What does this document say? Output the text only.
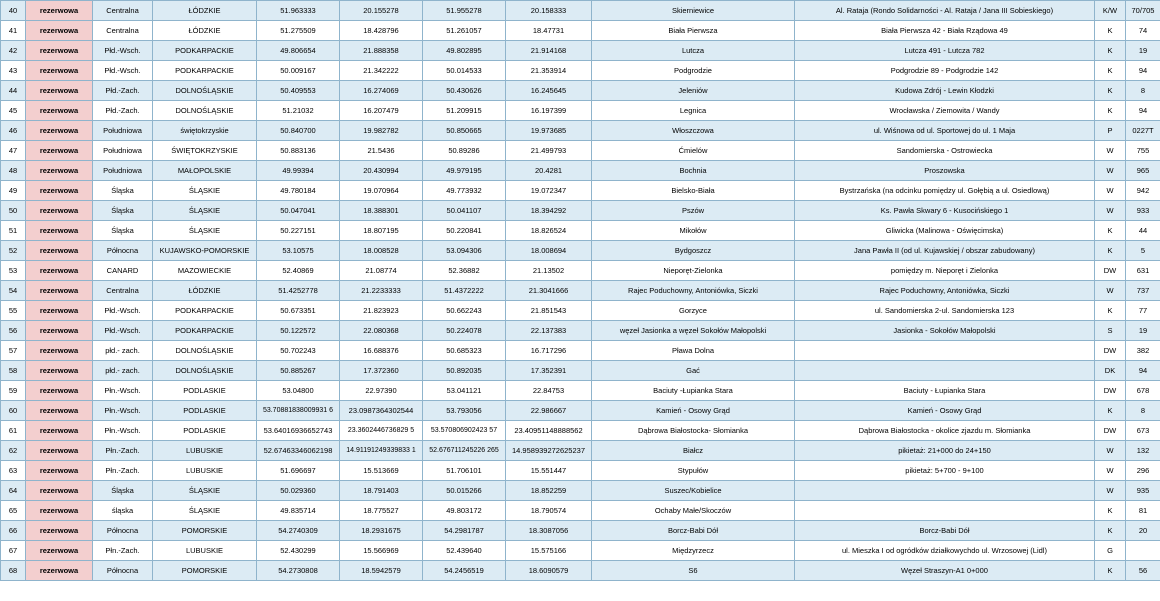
40	rezerwowa	Centralna	ŁÓDZKIE	51.963333	20.155278	51.955278	20.158333	Skierniewice	Al. Rataja (Rondo Solidarności - Al. Rataja / Jana III Sobieskiego)	K/W	70/705
41	rezerwowa	Centralna	ŁÓDZKIE	51.275509	18.428796	51.261057	18.47731	Biała Pierwsza	Biała Pierwsza 42 - Biała Rządowa 49	K	74
42	rezerwowa	Płd.-Wsch.	PODKARPACKIE	49.806654	21.888358	49.802895	21.914168	Lutcza	Lutcza 491 - Lutcza 782	K	19
43	rezerwowa	Płd.-Wsch.	PODKARPACKIE	50.009167	21.342222	50.014533	21.353914	Podgrodzie	Podgrodzie 89 - Podgrodzie 142	K	94
44	rezerwowa	Płd.-Zach.	DOLNOŚLĄSKIE	50.409553	16.274069	50.430626	16.245645	Jeleniów	Kudowa Zdrój - Lewin Kłodzki	K	8
45	rezerwowa	Płd.-Zach.	DOLNOŚLĄSKIE	51.21032	16.207479	51.209915	16.197399	Legnica	Wrocławska / Ziemowita / Wandy	K	94
46	rezerwowa	Południowa	świętokrzyskie	50.840700	19.982782	50.850665	19.973685	Włoszczowa	ul. Wiśnowa od ul. Sportowej do ul. 1 Maja	P	0227T
47	rezerwowa	Południowa	ŚWIĘTOKRZYSKIE	50.883136	21.5436	50.89286	21.499793	Ćmielów	Sandomierska - Ostrowiecka	W	755
48	rezerwowa	Południowa	MAŁOPOLSKIE	49.99394	20.430994	49.979195	20.4281	Bochnia	Proszowska	W	965
49	rezerwowa	Śląska	ŚLĄSKIE	49.780184	19.070964	49.773932	19.072347	Bielsko-Biała	Bystrzańska (na odcinku pomiędzy ul. Gołębią a ul. Osiedlową)	W	942
50	rezerwowa	Śląska	ŚLĄSKIE	50.047041	18.388301	50.041107	18.394292	Pszów	Ks. Pawła Skwary 6 - Kusocińskiego 1	W	933
51	rezerwowa	Śląska	ŚLĄSKIE	50.227151	18.807195	50.220841	18.826524	Mikołów	Gliwicka (Malinowa - Oświęcimska)	K	44
52	rezerwowa	Północna	KUJAWSKO-POMORSKIE	53.10575	18.008528	53.094306	18.008694	Bydgoszcz	Jana Pawła II (od ul. Kujawskiej / obszar zabudowany)	K	5
53	rezerwowa	CANARD	MAZOWIECKIE	52.40869	21.08774	52.36882	21.13502	Nieporęt-Zielonka	pomiędzy m. Nieporęt i Zielonka	DW	631
54	rezerwowa	Centralna	ŁÓDZKIE	51.4252778	21.2233333	51.4372222	21.3041666	Rajec Poduchowny, Antoniówka, Siczki	Rajec Poduchowny, Antoniówka, Siczki	W	737
55	rezerwowa	Płd.-Wsch.	PODKARPACKIE	50.673351	21.823923	50.662243	21.851543	Gorzyce	ul. Sandomierska 2-ul. Sandomierska 123	K	77
56	rezerwowa	Płd.-Wsch.	PODKARPACKIE	50.122572	22.080368	50.224078	22.137383	węzeł Jasionka a węzeł Sokołów Małopolski	Jasionka - Sokołów Małopolski	S	19
57	rezerwowa	płd.- zach.	DOLNOŚLĄSKIE	50.702243	16.688376	50.685323	16.717296	Pława Dolna		DW	382
58	rezerwowa	płd.- zach.	DOLNOŚLĄSKIE	50.885267	17.372360	50.892035	17.352391	Gać		DK	94
59	rezerwowa	Płn.-Wsch.	PODLASKIE	53.04800	22.97390	53.041121	22.84753	Baciuty -Łupianka Stara	Baciuty - Łupianka Stara	DW	678
60	rezerwowa	Płn.-Wsch.	PODLASKIE	53.70881838009931 6	23.0987364302544	53.793056	22.986667	Kamień - Osowy Grąd	Kamień - Osowy Grąd	K	8
61	rezerwowa	Płn.-Wsch.	PODLASKIE	53.64016936652743	23.3602446736829 5	53.570806902423 57	23.40951148888562	Dąbrowa Białostocka- Słomianka	Dąbrowa Białostocka - okolice zjazdu m. Słomianka	DW	673
62	rezerwowa	Płn.-Zach.	LUBUSKIE	52.67463346062198	14.91191249339833 1	52.676711245226 265	14.958939272625237	Białcz	pikietaż: 21+000 do 24+150	W	132
63	rezerwowa	Płn.-Zach.	LUBUSKIE	51.696697	15.513669	51.706101	15.551447	Stypułów	pikietaż: 5+700 - 9+100	W	296
64	rezerwowa	Śląska	ŚLĄSKIE	50.029360	18.791403	50.015266	18.852259	Suszec/Kobielice		W	935
65	rezerwowa	śląska	ŚLĄSKIE	49.835714	18.775527	49.803172	18.790574	Ochaby Małe/Skoczów		K	81
66	rezerwowa	Północna	POMORSKIE	54.2740309	18.2931675	54.2981787	18.3087056	Borcz-Babi Dół	Borcz-Babi Dół	K	20
67	rezerwowa	Płn.-Zach.	LUBUSKIE	52.430299	15.566969	52.439640	15.575166	Międzyrzecz	ul. Mieszka I od ogródków działkowychdo ul. Wrzosowej (Lidl)	G	
68	rezerwowa	Północna	POMORSKIE	54.2730808	18.5942579	54.2456519	18.6090579	S6	Węzeł Straszyn-A1 0+000	K	56
